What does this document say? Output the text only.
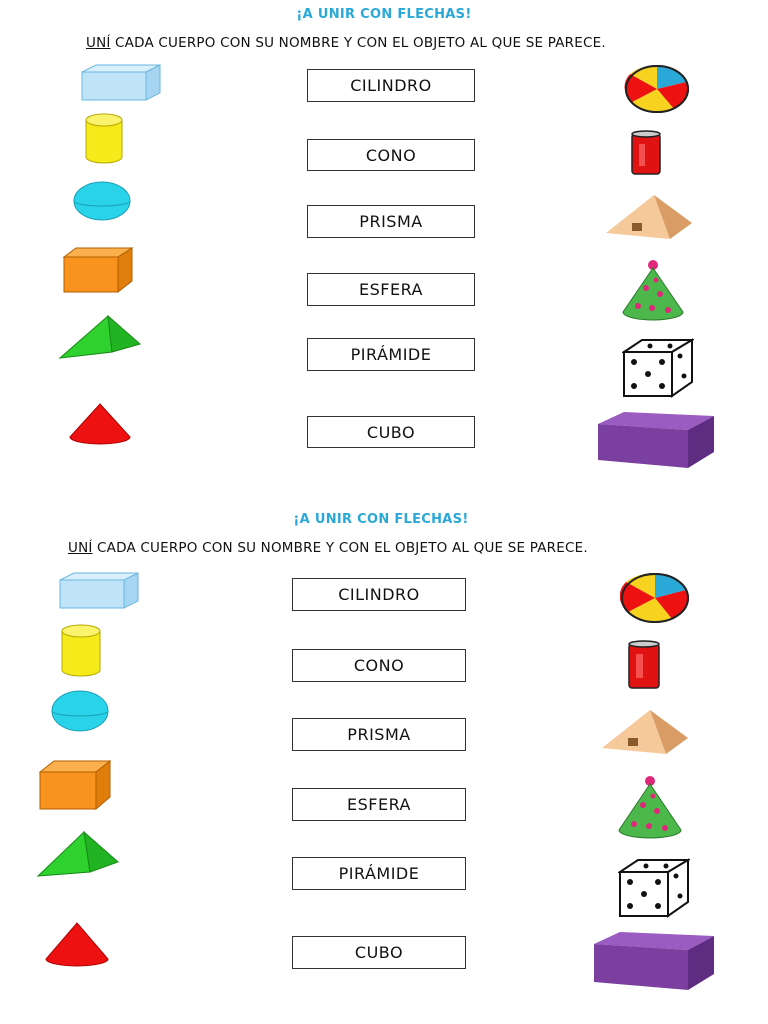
¡A UNIR CON FLECHAS!
UNÍ CADA CUERPO CON SU NOMBRE Y CON EL OBJETO AL QUE SE PARECE.
CILINDRO
CONO
PRISMA
ESFERA
PIRÁMIDE
CUBO
¡A UNIR CON FLECHAS!
UNÍ CADA CUERPO CON SU NOMBRE Y CON EL OBJETO AL QUE SE PARECE.
CILINDRO
CONO
PRISMA
ESFERA
PIRÁMIDE
CUBO
